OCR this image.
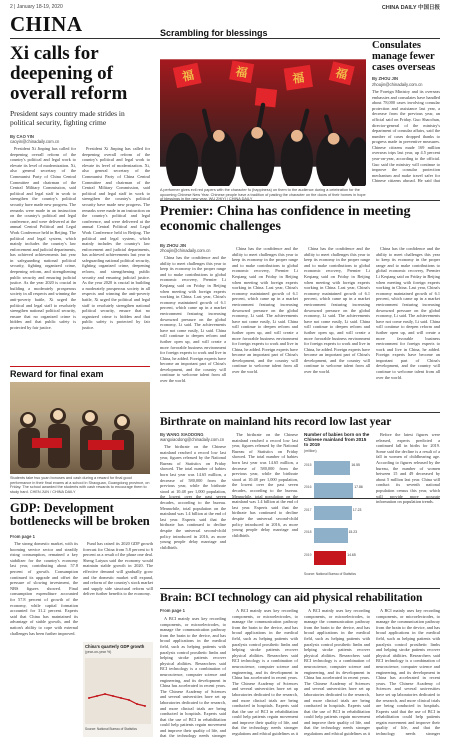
2 | January 18-19, 2020	CHINA DAILY 中国日报
CHINA
Xi calls for deepening of overall reform
President says country made strides in political security, fighting crime
By CAO YIN
caoyin@chinadaily.com.cn

President Xi Jinping has called for deepening overall reform of the country's political and legal work to elevate its level of modernization. Xi, also general secretary of the Communist Party of China Central Committee and chairman of the Central Military Commission, said political and legal staff in work to strengthen the country's political security have made new progress. The remarks were made in an instruction on the country's political and legal conference, and were delivered at the annual Central Political and Legal Work Conference held in Beijing. The political and legal system, which mainly includes the country's law enforcement and judicial departments, has achieved achievements last year in safeguarding national political security, fighting organized crime, deepening reform, and strengthening public security and ensuring judicial justice. As the year 2020 is crucial in building a moderately prosperous society in all respects and winning the anti-poverty battle, Xi urged the political and legal staff to resolutely strengthen national political security, ensure that no organized crime is hidden and that public safety is protected by fair justice.

President Xi Jinping has called for deepening overall reform of the country's political and legal work to elevate its level of modernization. Xi, also general secretary of the Communist Party of China Central Committee and chairman of the Central Military Commission, said political and legal staff in work to strengthen the country's political security have made new progress. The remarks were made in an instruction on the country's political and legal conference, and were delivered at the annual Central Political and Legal Work Conference held in Beijing. The political and legal system, which mainly includes the country's law enforcement and judicial departments, has achieved achievements last year in safeguarding national political security, fighting organized crime, deepening reform, and strengthening public security and ensuring judicial justice. As the year 2020 is crucial in building a moderately prosperous society in all respects and winning the anti-poverty battle, Xi urged the political and legal staff to resolutely strengthen national political security, ensure that no organized crime is hidden and that public safety is protected by fair justice.

Reward for final exam
Students take two yuan bonuses and cash during a reward for final good performance in their final exams at a school in Shaoguan, Guangdong province, on Friday. The school awarded the students with cash rewards to encourage them to study hard. CHEN JUN / CHINA DAILY
GDP: Development bottlenecks will be broken
From page 1

The strong domestic market, with its booming service sector and steadily rising consumption, remained a key stabilizer for the country's economy last year, contributing about 57.8 percent of growth. Consumption continued its upgrade and offset the pressure of slowing investment, the NBS figures showed. Final consumption expenditure accounted for 57.8 percent of growth of the economy, while capital formation accounted for 31.2 percent. Experts said that China has maintained its advantage of stable growth, and the nation's ability to cope with external challenges has been further improved.

Fund has raised its 2020 GDP growth forecast for China from 5.8 percent to 6 percent as a result of the phase one deal. Sheng Laiyun said the economy would maintain stable growth in 2020. The effective demand will gradually grow and the domestic market will expand, and reform of the country's stock market and supply side structural reform will deliver further benefits to the economy.

China's quarterly GDP growth
(year-on-year %)
Source: National Bureau of Statistics
Scrambling for blessings
福 福	福 福
A performer gives evil red papers with the character fu (happiness) on them to the audience during a celebration for the upcoming Chinese New Year. Chinese people have a tradition of pasting the character on the doors of their homes in hope
Premier: China has confidence in meeting economic challenges
By ZHOU JIN
zhoujin@chinadaily.com.cn

China has the confidence and the ability to meet challenges this year to keep its economy in the proper range and to make contributions to global economic recovery, Premier Li Keqiang said on Friday in Beijing when meeting with foreign experts working in China. Last year, China's economy maintained growth of 6.1 percent, which came up in a market environment featuring increasing downward pressure on the global economy, Li said. The achievements have not come easily, Li said. China will continue to deepen reform and further open up, and will create a more favorable business environment for foreign experts to work and live in China, he added. Foreign experts have become an important part of China's development, and the country will continue to welcome talent from all over the world.

China has the confidence and the ability to meet challenges this year to keep its economy in the proper range and to make contributions to global economic recovery, Premier Li Keqiang said on Friday in Beijing when meeting with foreign experts working in China. Last year, China's economy maintained growth of 6.1 percent, which came up in a market environment featuring increasing downward pressure on the global economy, Li said. The achievements have not come easily, Li said. China will continue to deepen reform and further open up, and will create a more favorable business environment for foreign experts to work and live in China, he added. Foreign experts have become an important part of China's development, and the country will continue to welcome talent from all over the world.

China has the confidence and the ability to meet challenges this year to keep its economy in the proper range and to make contributions to global economic recovery, Premier Li Keqiang said on Friday in Beijing when meeting with foreign experts working in China. Last year, China's economy maintained growth of 6.1 percent, which came up in a market environment featuring increasing downward pressure on the global economy, Li said. The achievements have not come easily, Li said. China will continue to deepen reform and further open up, and will create a more favorable business environment for foreign experts to work and live in China, he added. Foreign experts have become an important part of China's development, and the country will continue to welcome talent from all over the world.

China has the confidence and the ability to meet challenges this year to keep its economy in the proper range and to make contributions to global economic recovery, Premier Li Keqiang said on Friday in Beijing when meeting with foreign experts working in China. Last year, China's economy maintained growth of 6.1 percent, which came up in a market environment featuring increasing downward pressure on the global economy, Li said. The achievements have not come easily, Li said. China will continue to deepen reform and further open up, and will create a more favorable business environment for foreign experts to work and live in China, he added. Foreign experts have become an important part of China's development, and the country will continue to welcome talent from all over the world.

Birthrate on mainland hits record low last year
By WANG XIAODONG
wangxiaodong@chinadaily.com.cn

The birthrate on the Chinese mainland reached a record low last year, figures released by the National Bureau of Statistics on Friday showed. The total number of babies born last year was 14.65 million, a decrease of 580,000 from the previous year, while the birthrate stood at 10.48 per 1,000 population, the lowest over the past seven decades, according to the bureau. Meanwhile, total population on the mainland was 1.4 billion at the end of last year. Experts said that the birthrate has continued to decline despite the universal second-child policy introduced in 2016, as more young people delay marriage and childbirth.

The birthrate on the Chinese mainland reached a record low last year, figures released by the National Bureau of Statistics on Friday showed. The total number of babies born last year was 14.65 million, a decrease of 580,000 from the previous year, while the birthrate stood at 10.48 per 1,000 population, the lowest over the past seven decades, according to the bureau. Meanwhile, total population on the mainland was 1.4 billion at the end of last year. Experts said that the birthrate has continued to decline despite the universal second-child policy introduced in 2016, as more young people delay marriage and childbirth.

Number of babies born on the Chinese mainland from 2015 to 2019
(million)
2015	16.55
2016	17.86
2017	17.23
2018	15.23
2019	14.65
Source: National Bureau of Statistics

Before the latest figures were released, experts predicted a continued fall in births for 2019. Some said the decline is a result of a fall in women of childbearing age. According to figures released by the bureau, the number of women between 15 and 49 decreased by about 5 million last year. China will conduct its seventh national population census this year, which will provide more accurate information on population trends.

Brain: BCI technology can aid physical rehabilitation
From page 1

A BCI mainly uses key recording components, or microelectrodes, to manage the communication pathway from the brain to the device, and has broad applications in the medical field, such as helping patients with paralysis control prosthetic limbs and helping stroke patients recover physical abilities. Researchers said BCI technology is a combination of neuroscience, computer science and engineering, and its development in China has accelerated in recent years. The Chinese Academy of Sciences and several universities have set up laboratories dedicated to the research, and more clinical trials are being conducted in hospitals. Experts said that the use of BCI in rehabilitation could help patients regain movement and improve their quality of life, and that the technology needs stronger

A BCI mainly uses key recording components, or microelectrodes, to manage the communication pathway from the brain to the device, and has broad applications in the medical field, such as helping patients with paralysis control prosthetic limbs and helping stroke patients recover physical abilities. Researchers said BCI technology is a combination of neuroscience, computer science and engineering, and its development in China has accelerated in recent years. The Chinese Academy of Sciences and several universities have set up laboratories dedicated to the research, and more clinical trials are being conducted in hospitals. Experts said that the use of BCI in rehabilitation could help patients regain movement and improve their quality of life, and that the technology needs stronger regulations and ethical guidelines as it

A BCI mainly uses key recording components, or microelectrodes, to manage the communication pathway from the brain to the device, and has broad applications in the medical field, such as helping patients with paralysis control prosthetic limbs and helping stroke patients recover physical abilities. Researchers said BCI technology is a combination of neuroscience, computer science and engineering, and its development in China has accelerated in recent years. The Chinese Academy of Sciences and several universities have set up laboratories dedicated to the research, and more clinical trials are being conducted in hospitals. Experts said that the use of BCI in rehabilitation could help patients regain movement and improve their quality of life, and that the technology needs stronger regulations and ethical guidelines as it

A BCI mainly uses key recording components, or microelectrodes, to manage the communication pathway from the brain to the device, and has broad applications in the medical field, such as helping patients with paralysis control prosthetic limbs and helping stroke patients recover physical abilities. Researchers said BCI technology is a combination of neuroscience, computer science and engineering, and its development in China has accelerated in recent years. The Chinese Academy of Sciences and several universities have set up laboratories dedicated to the research, and more clinical trials are being conducted in hospitals. Experts said that the use of BCI in rehabilitation could help patients regain movement and improve their quality of life, and that the technology needs stronger

Consulates manage fewer cases overseas
By ZHOU JIN
zhoujin@chinadaily.com.cn
The Foreign Ministry and its overseas embassies and consulates have handled about 78,000 cases involving consular protection and assistance last year, a decrease from the previous year, an official said on Friday. Guo Shaochun, director-general of the ministry's department of consular affairs, said the number of cases dropped thanks to progress made in preventive measures. Chinese citizens made 169 million overseas trips last year, up 4.5 percent year-on-year, according to the official. Guo said the ministry will continue to improve the consular protection mechanism and make travel safer for Chinese citizens abroad. He said that
